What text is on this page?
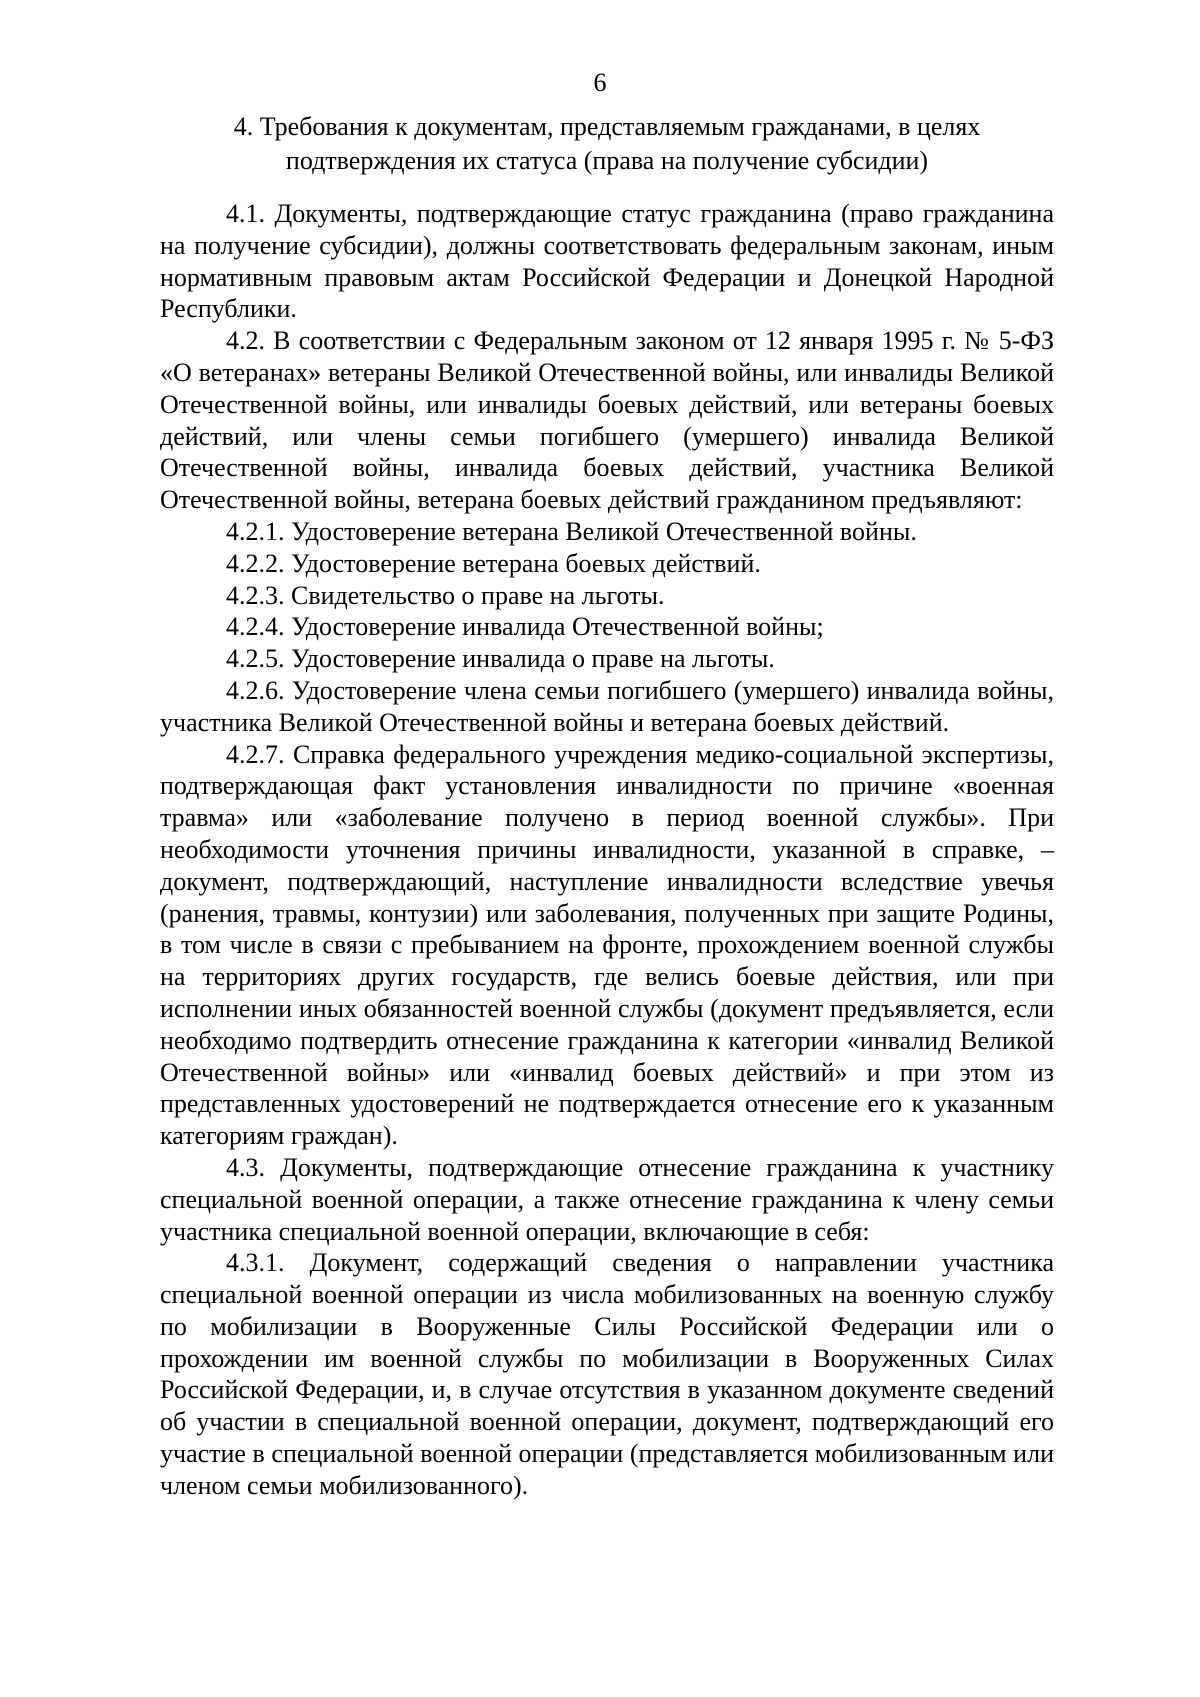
6
4. Требования к документам, представляемым гражданами, в целях
подтверждения их статуса (права на получение субсидии)

4.1. Документы, подтверждающие статус гражданина (право гражданина на получение субсидии), должны соответствовать федеральным законам, иным нормативным правовым актам Российской Федерации и Донецкой Народной Республики.

4.2. В соответствии с Федеральным законом от 12 января 1995 г. № 5-ФЗ «О ветеранах» ветераны Великой Отечественной войны, или инвалиды Великой Отечественной войны, или инвалиды боевых действий, или ветераны боевых действий, или члены семьи погибшего (умершего) инвалида Великой Отечественной войны, инвалида боевых действий, участника Великой Отечественной войны, ветерана боевых действий гражданином предъявляют:

4.2.1. Удостоверение ветерана Великой Отечественной войны.

4.2.2. Удостоверение ветерана боевых действий.

4.2.3. Свидетельство о праве на льготы.

4.2.4. Удостоверение инвалида Отечественной войны;

4.2.5. Удостоверение инвалида о праве на льготы.

4.2.6. Удостоверение члена семьи погибшего (умершего) инвалида войны, участника Великой Отечественной войны и ветерана боевых действий.

4.2.7. Справка федерального учреждения медико-социальной экспертизы, подтверждающая факт установления инвалидности по причине «военная травма» или «заболевание получено в период военной службы». При необходимости уточнения причины инвалидности, указанной в справке, – документ, подтверждающий, наступление инвалидности вследствие увечья (ранения, травмы, контузии) или заболевания, полученных при защите Родины, в том числе в связи с пребыванием на фронте, прохождением военной службы на территориях других государств, где велись боевые действия, или при исполнении иных обязанностей военной службы (документ предъявляется, если необходимо подтвердить отнесение гражданина к категории «инвалид Великой Отечественной войны» или «инвалид боевых действий» и при этом из представленных удостоверений не подтверждается отнесение его к указанным категориям граждан).

4.3. Документы, подтверждающие отнесение гражданина к участнику специальной военной операции, а также отнесение гражданина к члену семьи участника специальной военной операции, включающие в себя:

4.3.1. Документ, содержащий сведения о направлении участника специальной военной операции из числа мобилизованных на военную службу по мобилизации в Вооруженные Силы Российской Федерации или о прохождении им военной службы по мобилизации в Вооруженных Силах Российской Федерации, и, в случае отсутствия в указанном документе сведений об участии в специальной военной операции, документ, подтверждающий его участие в специальной военной операции (представляется мобилизованным или членом семьи мобилизованного).
